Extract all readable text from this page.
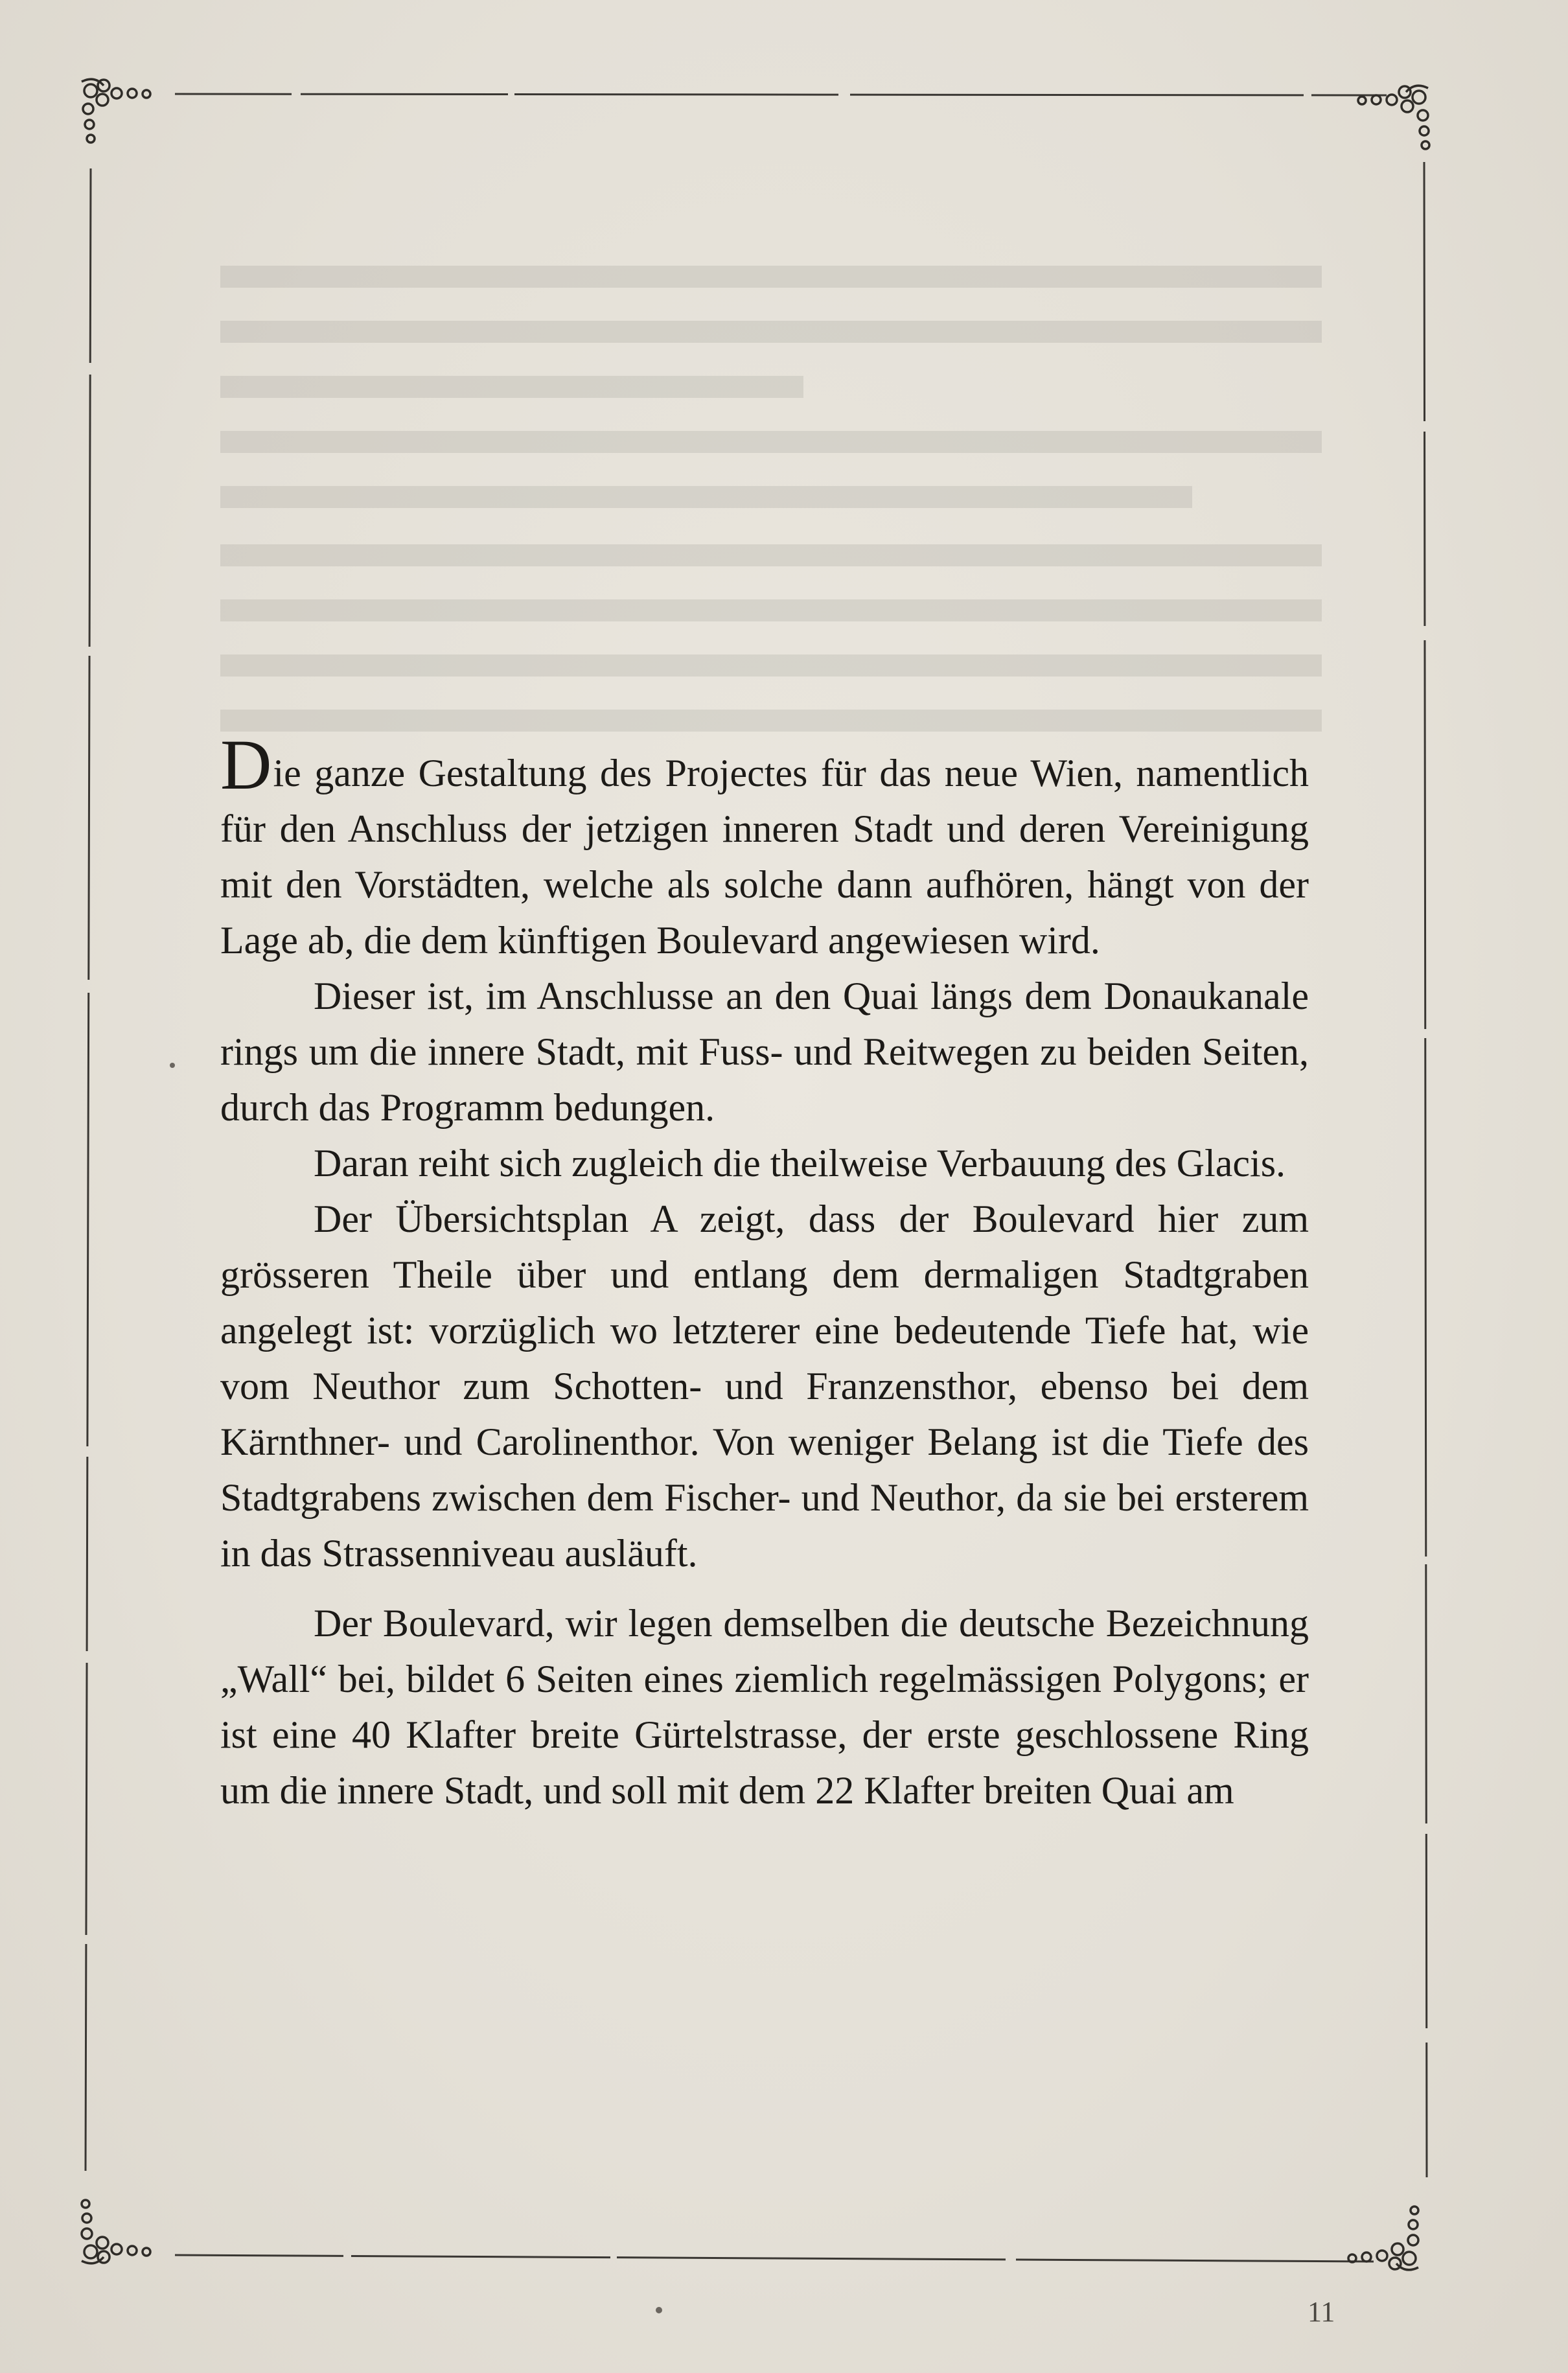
Die ganze Gestaltung des Projectes für das neue Wien, namentlich für den Anschluss der jetzigen inneren Stadt und deren Vereinigung mit den Vorstädten, welche als solche dann aufhören, hängt von der Lage ab, die dem künftigen Boulevard angewiesen wird.

Dieser ist, im Anschlusse an den Quai längs dem Donaukanale rings um die innere Stadt, mit Fuss- und Reitwegen zu beiden Seiten, durch das Programm bedungen.

Daran reiht sich zugleich die theilweise Verbauung des Glacis.

Der Übersichtsplan A zeigt, dass der Boulevard hier zum grösseren Theile über und entlang dem dermaligen Stadtgraben angelegt ist: vorzüglich wo letzterer eine bedeutende Tiefe hat, wie vom Neuthor zum Schotten- und Franzensthor, ebenso bei dem Kärnthner- und Carolinenthor. Von weniger Belang ist die Tiefe des Stadtgrabens zwischen dem Fischer- und Neuthor, da sie bei ersterem in das Strassenniveau ausläuft.

Der Boulevard, wir legen demselben die deutsche Bezeichnung „Wall“ bei, bildet 6 Seiten eines ziemlich regelmässigen Polygons; er ist eine 40 Klafter breite Gürtelstrasse, der erste geschlossene Ring um die innere Stadt, und soll mit dem 22 Klafter breiten Quai am

11
